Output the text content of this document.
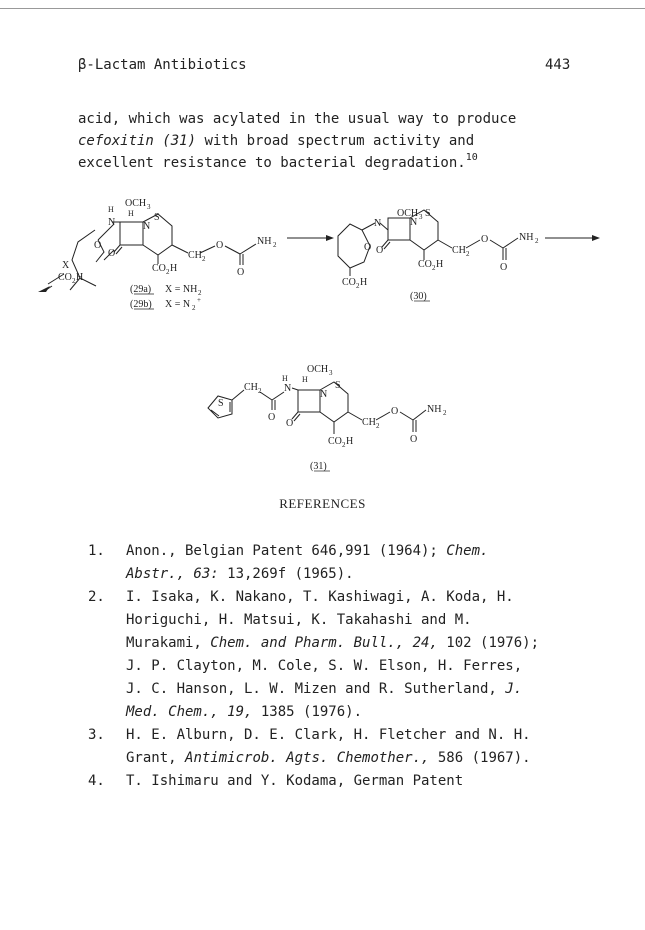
β-Lactam Antibiotics	443
acid, which was acylated in the usual way to produce
cefoxitin (31) with broad spectrum activity and
excellent resistance to bacterial degradation.$^{10}$
OCH 3
H
H
N	N
S
O
O	CH 2
O	NH 2
O
CO 2 H
X
CO 2 H
(29a) X = NH 2
(29b) X = N 2
+
OCH 3
N	N
S
O O	CH 2
O	NH 2
O
CO 2 H
CO 2 H
(30)
S
CH 2
O
N
H H
OCH 3
S
N
O	CH 2
O	NH 2
O
CO 2 H
(31)
REFERENCES
1. Anon., Belgian Patent 646,991 (1964); Chem.
Abstr., 63: 13,269f (1965).
2. I. Isaka, K. Nakano, T. Kashiwagi, A. Koda, H.
Horiguchi, H. Matsui, K. Takahashi and M.
Murakami, Chem. and Pharm. Bull., 24, 102 (1976);
J. P. Clayton, M. Cole, S. W. Elson, H. Ferres,
J. C. Hanson, L. W. Mizen and R. Sutherland, J.
Med. Chem., 19, 1385 (1976).
3. H. E. Alburn, D. E. Clark, H. Fletcher and N. H.
Grant, Antimicrob. Agts. Chemother., 586 (1967).
4. T. Ishimaru and Y. Kodama, German Patent
